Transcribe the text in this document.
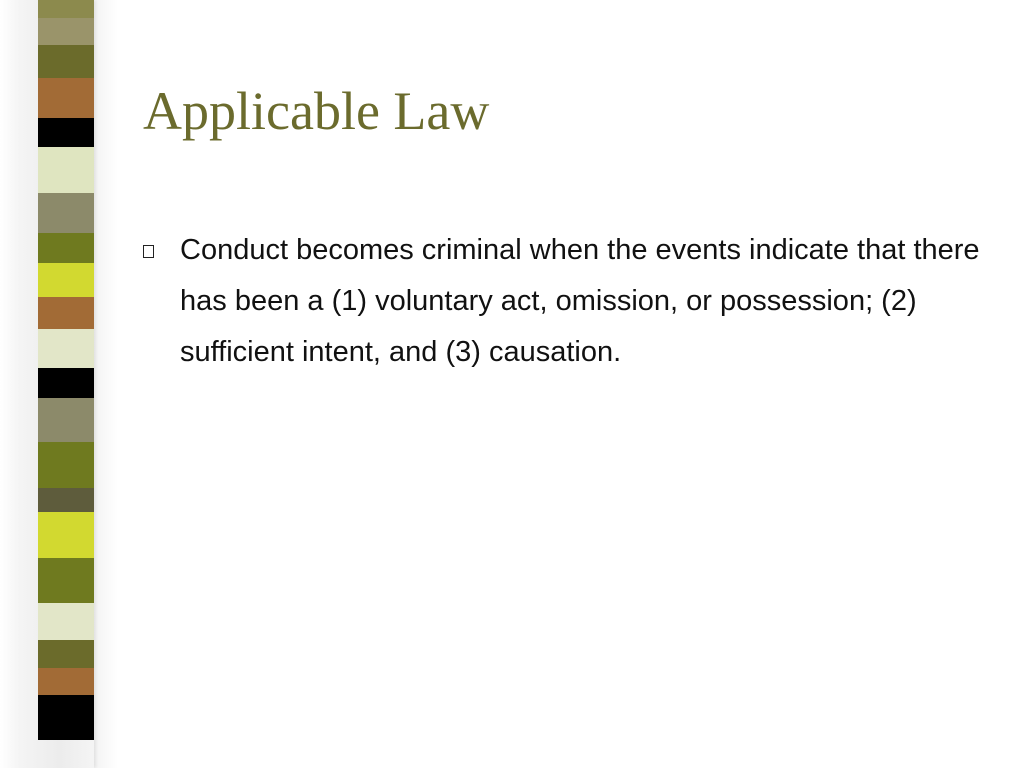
Applicable Law

Conduct becomes criminal when the events indicate that there has been a (1) voluntary act, omission, or possession; (2) sufficient intent, and (3) causation.
